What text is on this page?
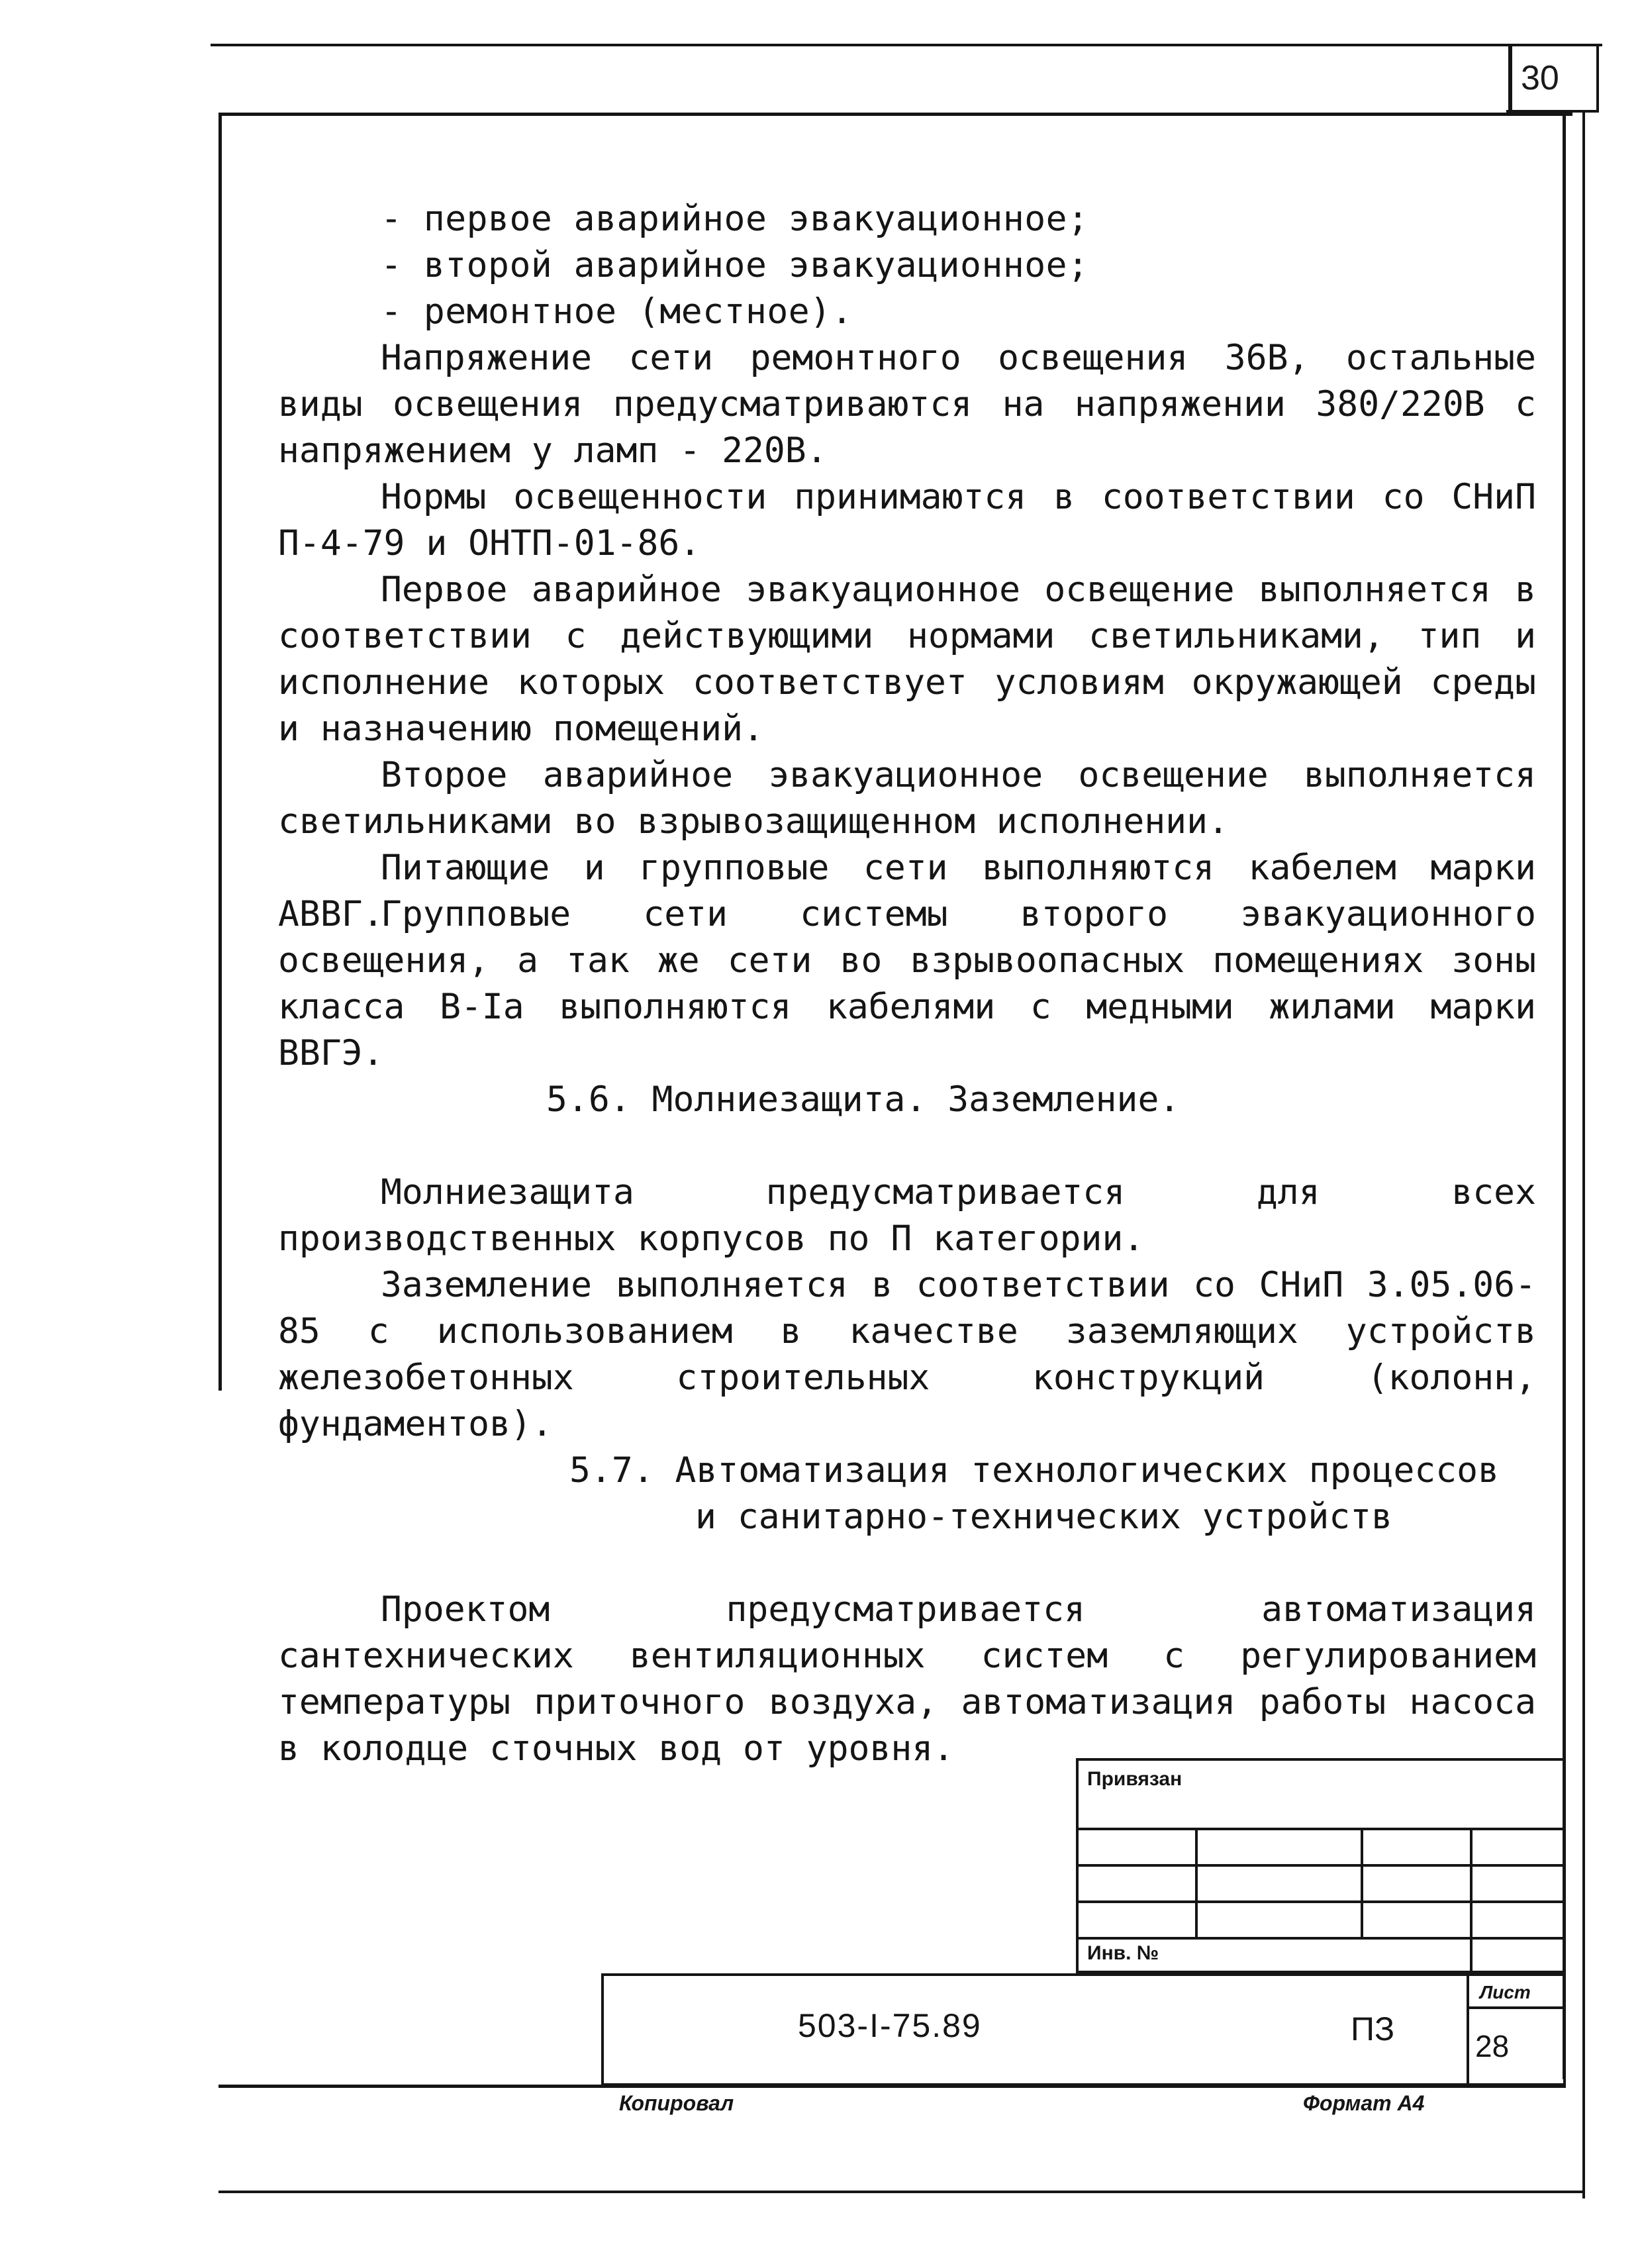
30
- первое аварийное эвакуационное;
- второй аварийное эвакуационное;
- ремонтное (местное).
Напряжение сети ремонтного освещения 36В, остальные виды освещения предусматриваются на напряжении 380/220В с напряжением у ламп - 220В.
Нормы освещенности принимаются в соответствии со СНиП П-4-79 и ОНТП-01-86.
Первое аварийное эвакуационное освещение выполняется в соответствии с действующими нормами светильниками, тип и исполнение которых соответствует условиям окружающей среды и назначению помещений.
Второе аварийное эвакуационное освещение выполняется светильниками во взрывозащищенном исполнении.
Питающие и групповые сети выполняются кабелем марки АВВГ.
Групповые сети системы второго эвакуационного освещения, а так же сети во взрывоопасных помещениях зоны класса В-Iа выполняются кабелями с медными жилами марки ВВГЭ.
5.6. Молниезащита. Заземление.
Молниезащита предусматривается для всех производственных корпусов по П категории.
Заземление выполняется в соответствии со СНиП 3.05.06-85 с использованием в качестве заземляющих устройств железобетонных строительных конструкций (колонн, фундаментов).
5.7. Автоматизация технологических процессов
и санитарно-технических устройств
Проектом предусматривается автоматизация сантехнических вентиляционных систем с регулированием температуры приточного воздуха, автоматизация работы насоса в колодце сточных вод от уровня.
Привязан
Инв. №
503-I-75.89	ПЗ
Лист
28
Копировал	Формат А4
